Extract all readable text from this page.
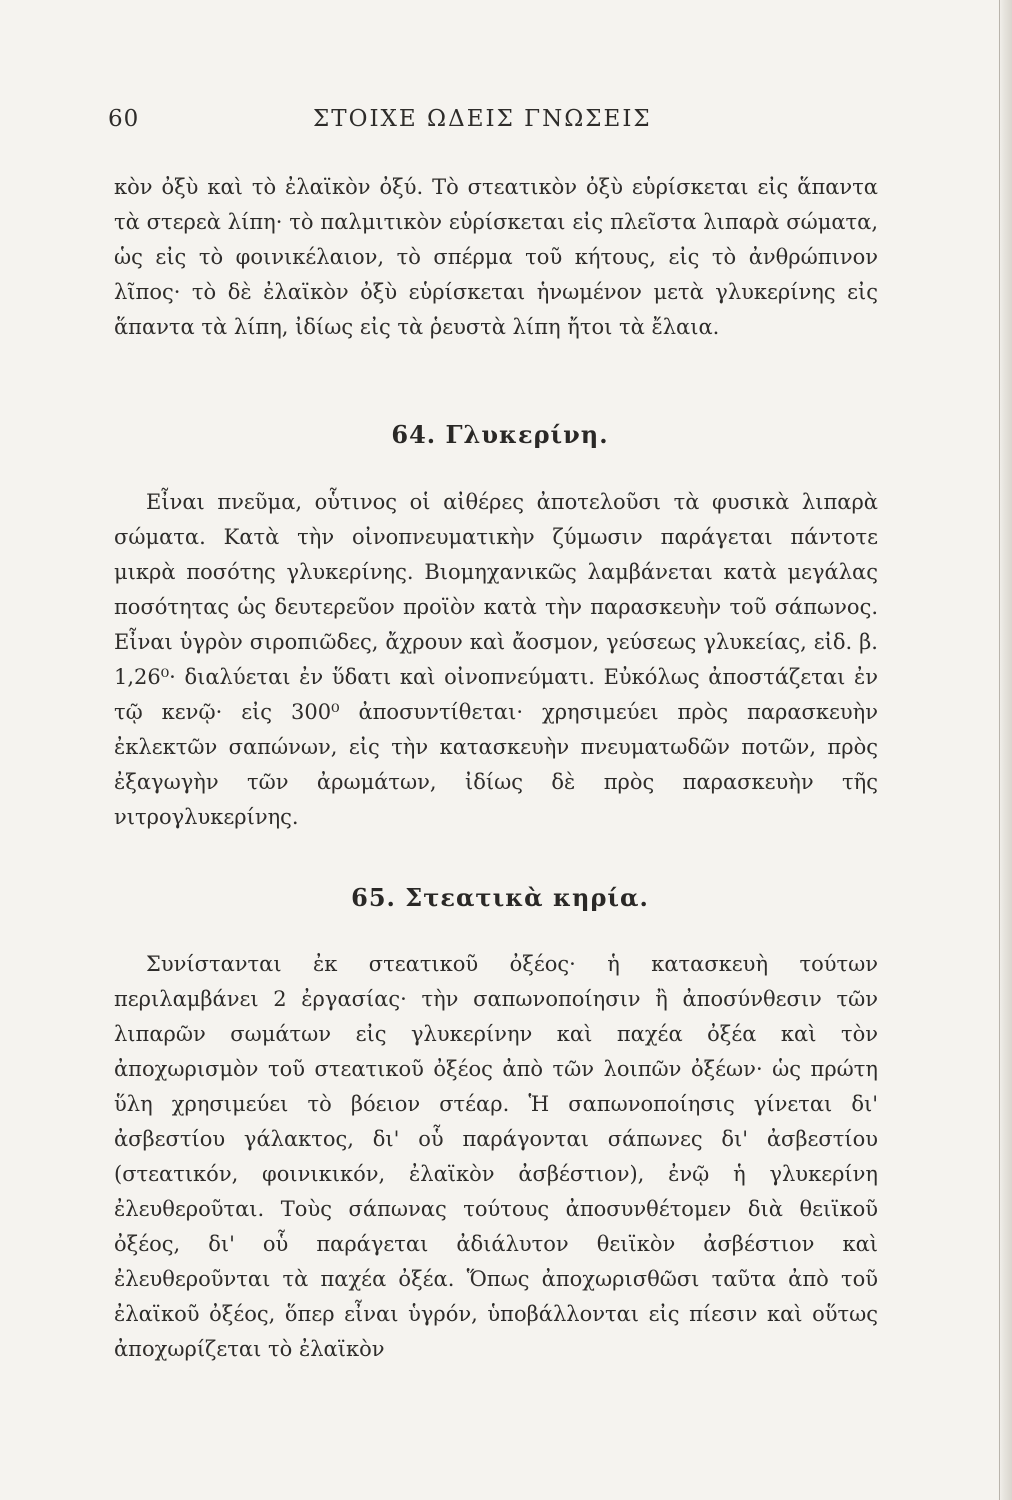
60	ΣΤΟΙΧΕ ΩΔΕΙΣ ΓΝΩΣΕΙΣ

κὸν ὀξὺ καὶ τὸ ἐλαϊκὸν ὀξύ. Τὸ στεατικὸν ὀξὺ εὑρίσκεται εἰς ἅπαντα τὰ στερεὰ λίπη· τὸ παλμιτικὸν εὑρίσκεται εἰς πλεῖστα λιπαρὰ σώματα, ὡς εἰς τὸ φοινικέλαιον, τὸ σπέρμα τοῦ κήτους, εἰς τὸ ἀνθρώπινον λῖπος· τὸ δὲ ἐλαϊκὸν ὀξὺ εὑρίσκεται ἡνωμένον μετὰ γλυκερίνης εἰς ἅπαντα τὰ λίπη, ἰδίως εἰς τὰ ῥευστὰ λίπη ἤτοι τὰ ἔλαια.

64. Γλυκερίνη.

Εἶναι πνεῦμα, οὗτινος οἱ αἰθέρες ἀποτελοῦσι τὰ φυσικὰ λιπαρὰ σώματα. Κατὰ τὴν οἰνοπνευματικὴν ζύμωσιν παράγεται πάντοτε μικρὰ ποσότης γλυκερίνης. Βιομηχανικῶς λαμβάνεται κατὰ μεγάλας ποσότητας ὡς δευτερεῦον προϊὸν κατὰ τὴν παρασκευὴν τοῦ σάπωνος. Εἶναι ὑγρὸν σιροπιῶδες, ἄχρουν καὶ ἄοσμον, γεύσεως γλυκείας, εἰδ. β. 1,26⁰· διαλύεται ἐν ὕδατι καὶ οἰνοπνεύματι. Εὐκόλως ἀποστάζεται ἐν τῷ κενῷ· εἰς 300⁰ ἀποσυντίθεται· χρησιμεύει πρὸς παρασκευὴν ἐκλεκτῶν σαπώνων, εἰς τὴν κατασκευὴν πνευματωδῶν ποτῶν, πρὸς ἐξαγωγὴν τῶν ἀρωμάτων, ἰδίως δὲ πρὸς παρασκευὴν τῆς νιτρογλυκερίνης.

65. Στεατικὰ κηρία.

Συνίστανται ἐκ στεατικοῦ ὀξέος· ἡ κατασκευὴ τούτων περιλαμβάνει 2 ἐργασίας· τὴν σαπωνοποίησιν ἢ ἀποσύνθεσιν τῶν λιπαρῶν σωμάτων εἰς γλυκερίνην καὶ παχέα ὀξέα καὶ τὸν ἀποχωρισμὸν τοῦ στεατικοῦ ὀξέος ἀπὸ τῶν λοιπῶν ὀξέων· ὡς πρώτη ὕλη χρησιμεύει τὸ βόειον στέαρ. Ἡ σαπωνοποίησις γίνεται δι' ἀσβεστίου γάλακτος, δι' οὗ παράγονται σάπωνες δι' ἀσβεστίου (στεατικόν, φοινικικόν, ἐλαϊκὸν ἀσβέστιον), ἐνῷ ἡ γλυκερίνη ἐλευθεροῦται. Τοὺς σάπωνας τούτους ἀποσυνθέτομεν διὰ θειϊκοῦ ὀξέος, δι' οὗ παράγεται ἀδιάλυτον θειϊκὸν ἀσβέστιον καὶ ἐλευθεροῦνται τὰ παχέα ὀξέα. Ὅπως ἀποχωρισθῶσι ταῦτα ἀπὸ τοῦ ἐλαϊκοῦ ὀξέος, ὅπερ εἶναι ὑγρόν, ὑποβάλλονται εἰς πίεσιν καὶ οὕτως ἀποχωρίζεται τὸ ἐλαϊκὸν
